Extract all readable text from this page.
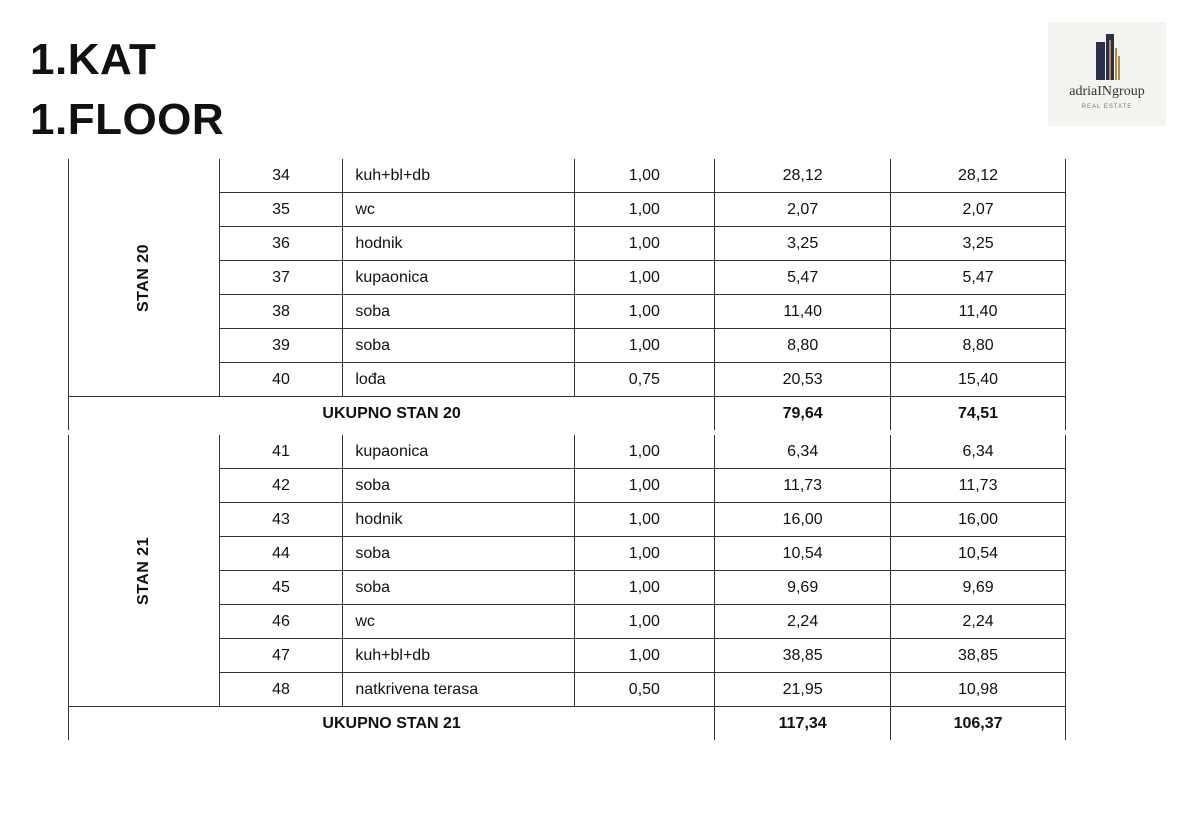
1.KAT
1.FLOOR
adriaINgroup
REAL ESTATE
STAN 20	34	kuh+bl+db	1,00	28,12	28,12
	35	wc	1,00	2,07	2,07
	36	hodnik	1,00	3,25	3,25
	37	kupaonica	1,00	5,47	5,47
	38	soba	1,00	11,40	11,40
	39	soba	1,00	8,80	8,80
	40	lođa	0,75	20,53	15,40
UKUPNO STAN 20				79,64	74,51
STAN 21	41	kupaonica	1,00	6,34	6,34
	42	soba	1,00	11,73	11,73
	43	hodnik	1,00	16,00	16,00
	44	soba	1,00	10,54	10,54
	45	soba	1,00	9,69	9,69
	46	wc	1,00	2,24	2,24
	47	kuh+bl+db	1,00	38,85	38,85
	48	natkrivena terasa	0,50	21,95	10,98
UKUPNO STAN 21				117,34	106,37
